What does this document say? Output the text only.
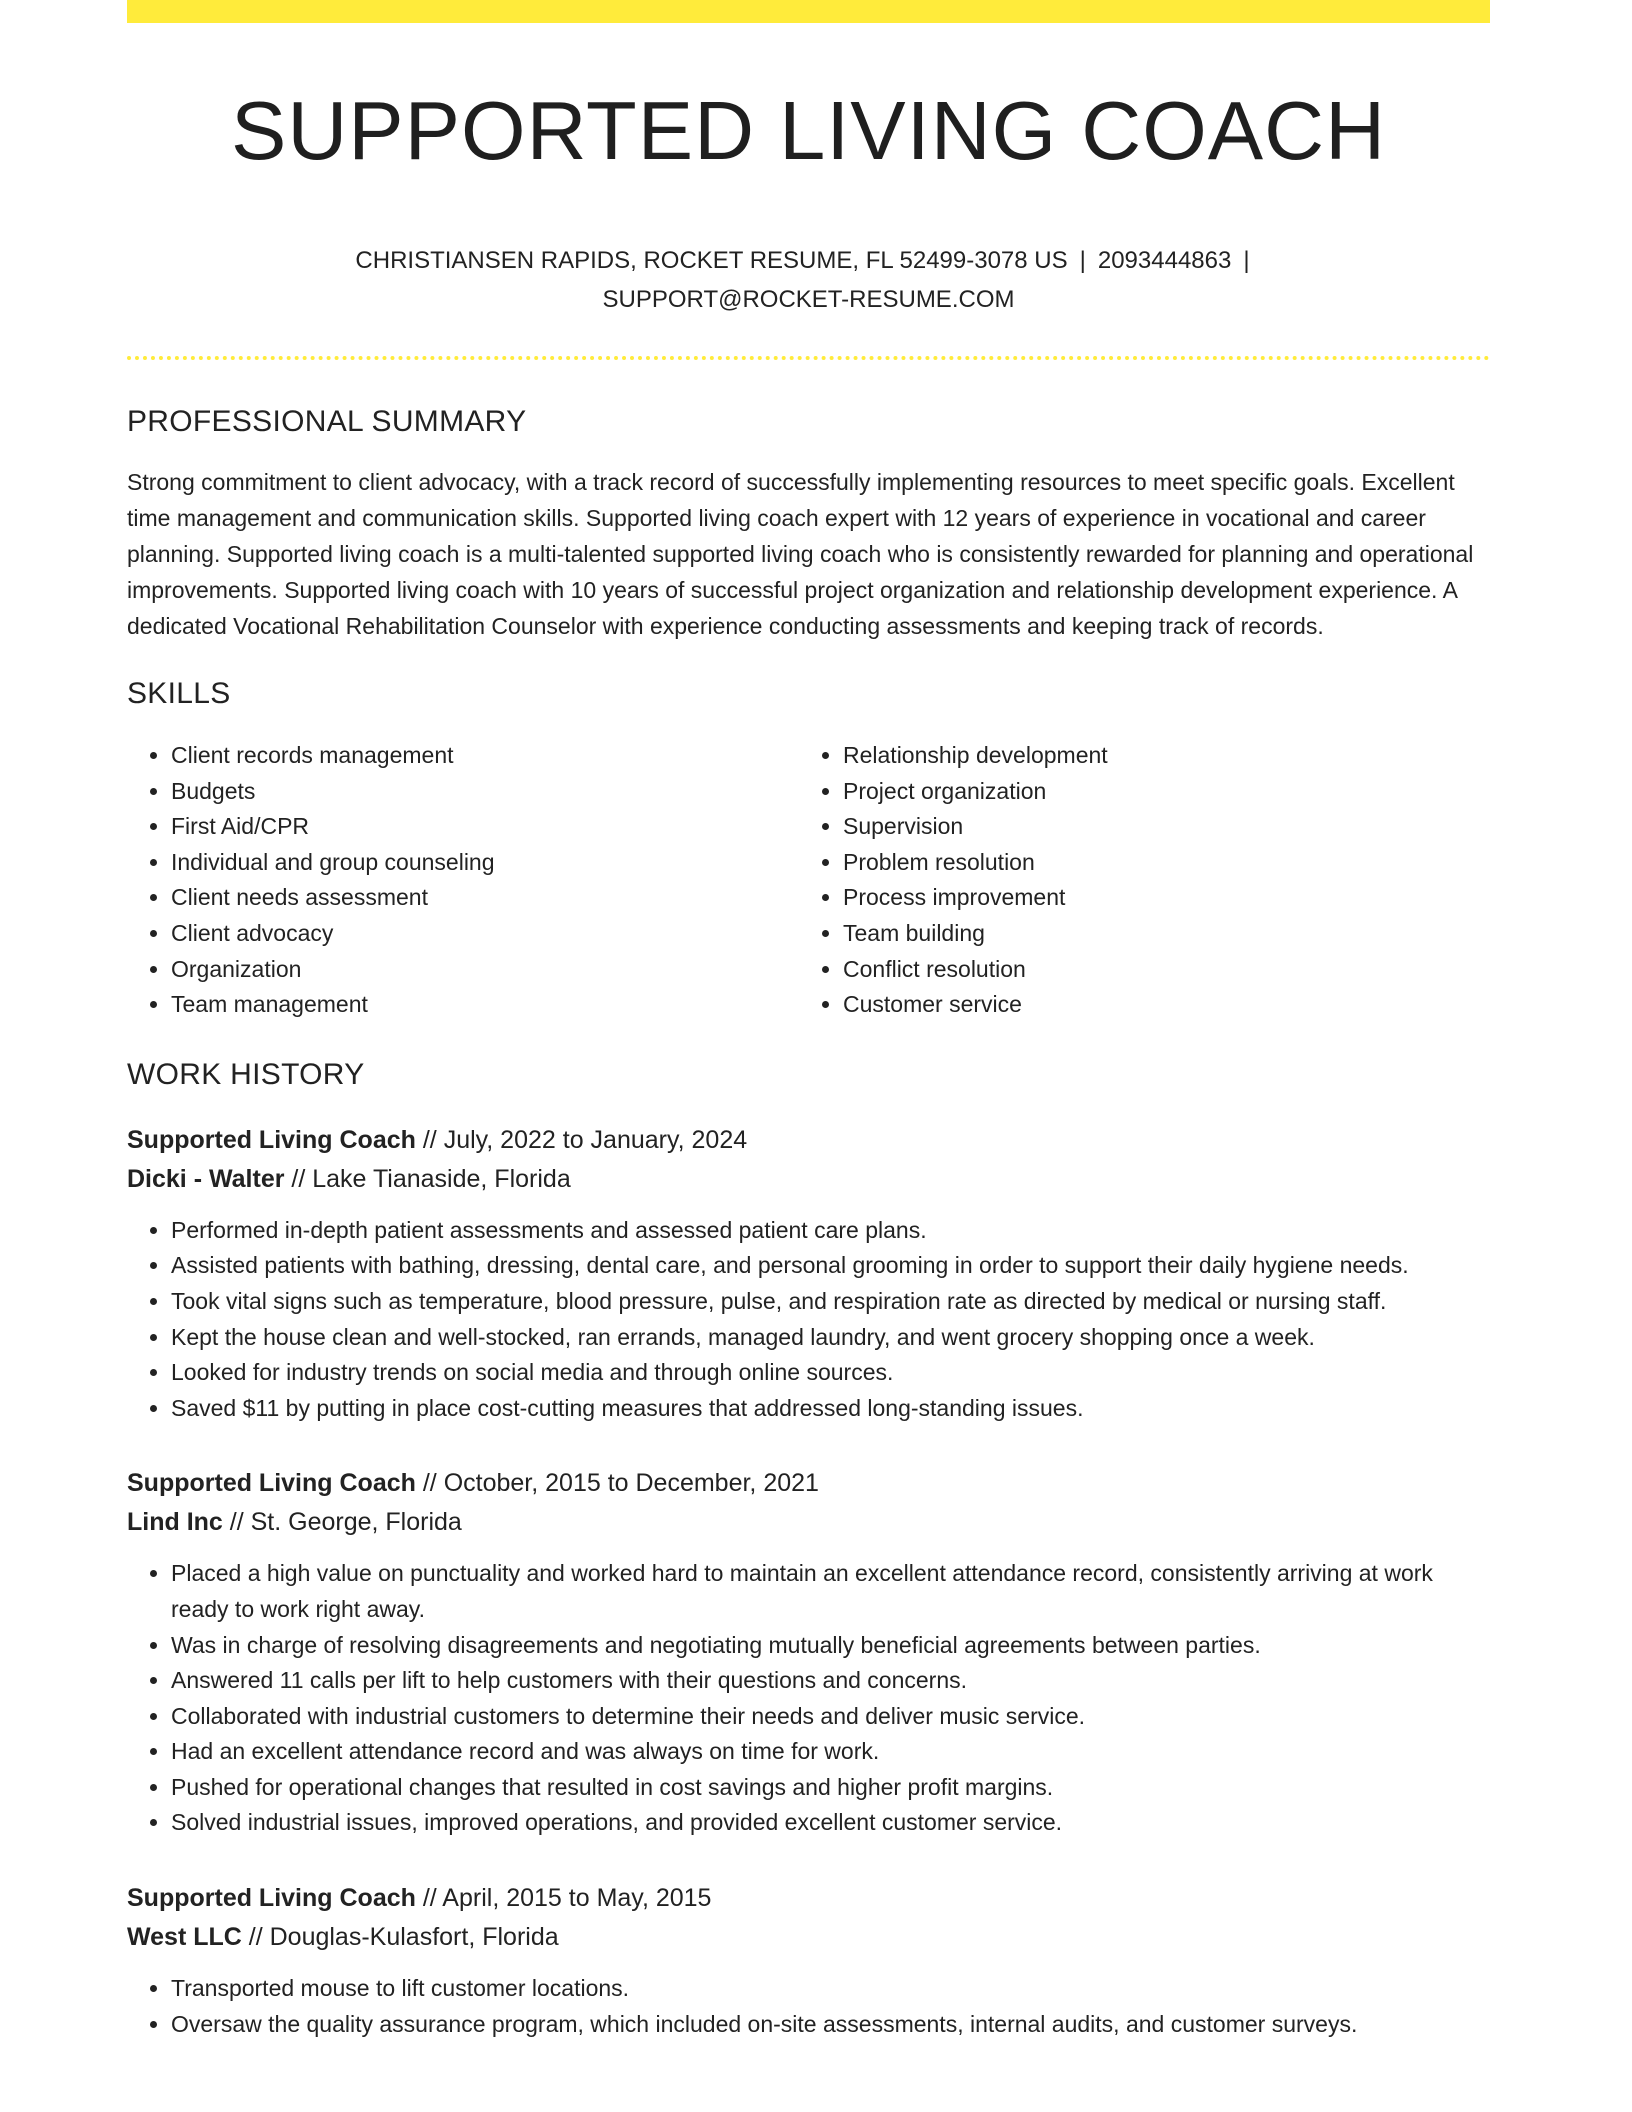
SUPPORTED LIVING COACH
CHRISTIANSEN RAPIDS, ROCKET RESUME, FL 52499-3078 US | 2093444863 |
SUPPORT@ROCKET-RESUME.COM
PROFESSIONAL SUMMARY
Strong commitment to client advocacy, with a track record of successfully implementing resources to meet specific goals. Excellent time management and communication skills. Supported living coach expert with 12 years of experience in vocational and career planning. Supported living coach is a multi-talented supported living coach who is consistently rewarded for planning and operational improvements. Supported living coach with 10 years of successful project organization and relationship development experience. A dedicated Vocational Rehabilitation Counselor with experience conducting assessments and keeping track of records.
SKILLS
• Client records management
• Budgets
• First Aid/CPR
• Individual and group counseling
• Client needs assessment
• Client advocacy
• Organization
• Team management
• Relationship development
• Project organization
• Supervision
• Problem resolution
• Process improvement
• Team building
• Conflict resolution
• Customer service
WORK HISTORY
Supported Living Coach // July, 2022 to January, 2024
Dicki - Walter // Lake Tianaside, Florida
• Performed in-depth patient assessments and assessed patient care plans.
• Assisted patients with bathing, dressing, dental care, and personal grooming in order to support their daily hygiene needs.
• Took vital signs such as temperature, blood pressure, pulse, and respiration rate as directed by medical or nursing staff.
• Kept the house clean and well-stocked, ran errands, managed laundry, and went grocery shopping once a week.
• Looked for industry trends on social media and through online sources.
• Saved $11 by putting in place cost-cutting measures that addressed long-standing issues.
Supported Living Coach // October, 2015 to December, 2021
Lind Inc // St. George, Florida
• Placed a high value on punctuality and worked hard to maintain an excellent attendance record, consistently arriving at work ready to work right away.
• Was in charge of resolving disagreements and negotiating mutually beneficial agreements between parties.
• Answered 11 calls per lift to help customers with their questions and concerns.
• Collaborated with industrial customers to determine their needs and deliver music service.
• Had an excellent attendance record and was always on time for work.
• Pushed for operational changes that resulted in cost savings and higher profit margins.
• Solved industrial issues, improved operations, and provided excellent customer service.
Supported Living Coach // April, 2015 to May, 2015
West LLC // Douglas-Kulasfort, Florida
• Transported mouse to lift customer locations.
• Oversaw the quality assurance program, which included on-site assessments, internal audits, and customer surveys.
